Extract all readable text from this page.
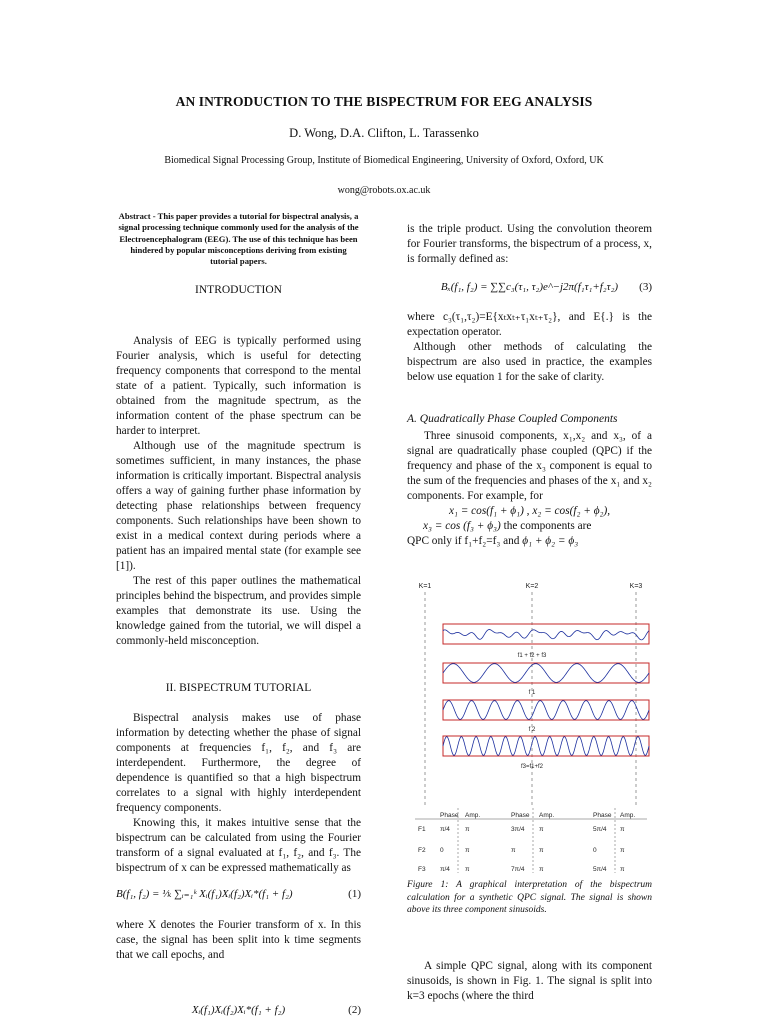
AN INTRODUCTION TO THE BISPECTRUM FOR EEG ANALYSIS
D. Wong, D.A. Clifton, L. Tarassenko
Biomedical Signal Processing Group, Institute of Biomedical Engineering, University of Oxford, Oxford, UK
wong@robots.ox.ac.uk
Abstract - This paper provides a tutorial for bispectral analysis, a signal processing technique commonly used for the analysis of the Electroencephalogram (EEG). The use of this technique has been hindered by popular misconceptions deriving from existing tutorial papers.
INTRODUCTION

Analysis of EEG is typically performed using Fourier analysis, which is useful for detecting frequency components that correspond to the mental state of a patient. Typically, such information is obtained from the magnitude spectrum, as the information content of the phase spectrum can be harder to interpret.

Although use of the magnitude spectrum is sometimes sufficient, in many instances, the phase information is critically important. Bispectral analysis offers a way of gaining further phase information by detecting phase relationships between frequency components. Such relationships have been shown to exist in a medical context during periods where a patient has an impaired mental state (for example see [1]).

The rest of this paper outlines the mathematical principles behind the bispectrum, and provides simple examples that demonstrate its use. Using the knowledge gained from the tutorial, we will dispel a commonly-held misconception.

II. BISPECTRUM TUTORIAL

Bispectral analysis makes use of phase information by detecting whether the phase of signal components at frequencies f₁, f₂, and f₃ are interdependent. Furthermore, the degree of dependence is quantified so that a high bispectrum correlates to a signal with highly interdependent frequency components.

Knowing this, it makes intuitive sense that the bispectrum can be calculated from using the Fourier transform of a signal evaluated at f₁, f₂, and f₃. The bispectrum of x can be expressed mathematically as

B(f₁, f₂) = ¹⁄ₖ ∑ᵢ₌₁ᵏ Xᵢ(f₁)Xᵢ(f₂)Xᵢ*(f₁ + f₂)	(1)
where X denotes the Fourier transform of x. In this case, the signal has been split into k time segments that we call epochs, and
Xᵢ(f₁)Xᵢ(f₂)Xᵢ*(f₁ + f₂)	(2)
is the triple product. Using the convolution theorem for Fourier transforms, the bispectrum of a process, x, is formally defined as:
Bₓ(f₁, f₂) = ∑∑c₃(τ₁, τ₂)e^−j2π(f₁τ₁+f₂τ₂) (3)

where c₃(τ₁,τ₂)=E{xₜxₜ₊τ₁xₜ₊τ₂}, and E{.} is the expectation operator.

Although other methods of calculating the bispectrum are also used in practice, the examples below use equation 1 for the sake of clarity.

A. Quadratically Phase Coupled Components

Three sinusoid components, x₁,x₂ and x₃, of a signal are quadratically phase coupled (QPC) if the frequency and phase of the x₃ component is equal to the sum of the frequencies and phases of the x₁ and x₂ components. For example, for

x₁ = cos(f₁ + ϕ₁) , x₂ = cos(f₂ + ϕ₂),

x₃ = cos (f₃ + ϕ₃) the components are

QPC only if f₁+f₂=f₃ and ϕ₁ + ϕ₂ = ϕ₃

K=1	K=2	K=3
f1 + f2 + f3
f 1
f 2
f3=f1+f2
Phase Amp.	Phase Amp.	Phase Amp.
F1 π/4 π	3π/4 π	5π/4 π
F2 0	π	π	π	0	π
F3 π/4 π	7π/4 π	5π/4 π
Figure 1: A graphical interpretation of the bispectrum calculation for a synthetic QPC signal. The signal is shown above its three component sinusoids.

A simple QPC signal, along with its component sinusoids, is shown in Fig. 1. The signal is split into k=3 epochs (where the third
